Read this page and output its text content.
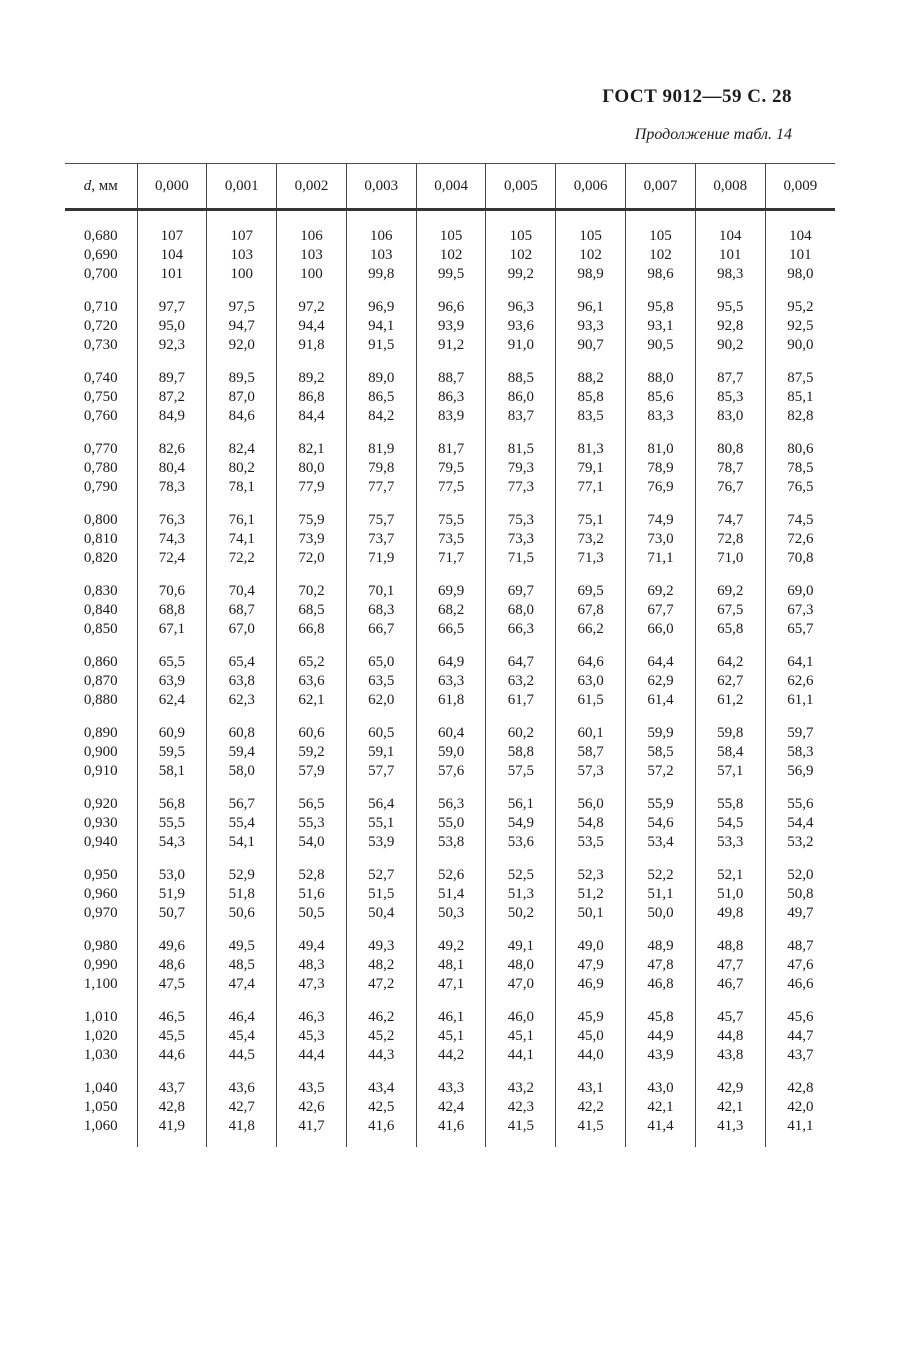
ГОСТ 9012—59 С. 28
Продолжение табл. 14
d, мм	0,000	0,001	0,002	0,003	0,004	0,005	0,006	0,007	0,008	0,009

0,680	107	107	106	106	105	105	105	105	104	104
0,690	104	103	103	103	102	102	102	102	101	101
0,700	101	100	100	99,8	99,5	99,2	98,9	98,6	98,3	98,0

0,710	97,7	97,5	97,2	96,9	96,6	96,3	96,1	95,8	95,5	95,2
0,720	95,0	94,7	94,4	94,1	93,9	93,6	93,3	93,1	92,8	92,5
0,730	92,3	92,0	91,8	91,5	91,2	91,0	90,7	90,5	90,2	90,0

0,740	89,7	89,5	89,2	89,0	88,7	88,5	88,2	88,0	87,7	87,5
0,750	87,2	87,0	86,8	86,5	86,3	86,0	85,8	85,6	85,3	85,1
0,760	84,9	84,6	84,4	84,2	83,9	83,7	83,5	83,3	83,0	82,8

0,770	82,6	82,4	82,1	81,9	81,7	81,5	81,3	81,0	80,8	80,6
0,780	80,4	80,2	80,0	79,8	79,5	79,3	79,1	78,9	78,7	78,5
0,790	78,3	78,1	77,9	77,7	77,5	77,3	77,1	76,9	76,7	76,5

0,800	76,3	76,1	75,9	75,7	75,5	75,3	75,1	74,9	74,7	74,5
0,810	74,3	74,1	73,9	73,7	73,5	73,3	73,2	73,0	72,8	72,6
0,820	72,4	72,2	72,0	71,9	71,7	71,5	71,3	71,1	71,0	70,8

0,830	70,6	70,4	70,2	70,1	69,9	69,7	69,5	69,2	69,2	69,0
0,840	68,8	68,7	68,5	68,3	68,2	68,0	67,8	67,7	67,5	67,3
0,850	67,1	67,0	66,8	66,7	66,5	66,3	66,2	66,0	65,8	65,7

0,860	65,5	65,4	65,2	65,0	64,9	64,7	64,6	64,4	64,2	64,1
0,870	63,9	63,8	63,6	63,5	63,3	63,2	63,0	62,9	62,7	62,6
0,880	62,4	62,3	62,1	62,0	61,8	61,7	61,5	61,4	61,2	61,1

0,890	60,9	60,8	60,6	60,5	60,4	60,2	60,1	59,9	59,8	59,7
0,900	59,5	59,4	59,2	59,1	59,0	58,8	58,7	58,5	58,4	58,3
0,910	58,1	58,0	57,9	57,7	57,6	57,5	57,3	57,2	57,1	56,9

0,920	56,8	56,7	56,5	56,4	56,3	56,1	56,0	55,9	55,8	55,6
0,930	55,5	55,4	55,3	55,1	55,0	54,9	54,8	54,6	54,5	54,4
0,940	54,3	54,1	54,0	53,9	53,8	53,6	53,5	53,4	53,3	53,2

0,950	53,0	52,9	52,8	52,7	52,6	52,5	52,3	52,2	52,1	52,0
0,960	51,9	51,8	51,6	51,5	51,4	51,3	51,2	51,1	51,0	50,8
0,970	50,7	50,6	50,5	50,4	50,3	50,2	50,1	50,0	49,8	49,7

0,980	49,6	49,5	49,4	49,3	49,2	49,1	49,0	48,9	48,8	48,7
0,990	48,6	48,5	48,3	48,2	48,1	48,0	47,9	47,8	47,7	47,6
1,100	47,5	47,4	47,3	47,2	47,1	47,0	46,9	46,8	46,7	46,6

1,010	46,5	46,4	46,3	46,2	46,1	46,0	45,9	45,8	45,7	45,6
1,020	45,5	45,4	45,3	45,2	45,1	45,1	45,0	44,9	44,8	44,7
1,030	44,6	44,5	44,4	44,3	44,2	44,1	44,0	43,9	43,8	43,7

1,040	43,7	43,6	43,5	43,4	43,3	43,2	43,1	43,0	42,9	42,8
1,050	42,8	42,7	42,6	42,5	42,4	42,3	42,2	42,1	42,1	42,0
1,060	41,9	41,8	41,7	41,6	41,6	41,5	41,5	41,4	41,3	41,1
